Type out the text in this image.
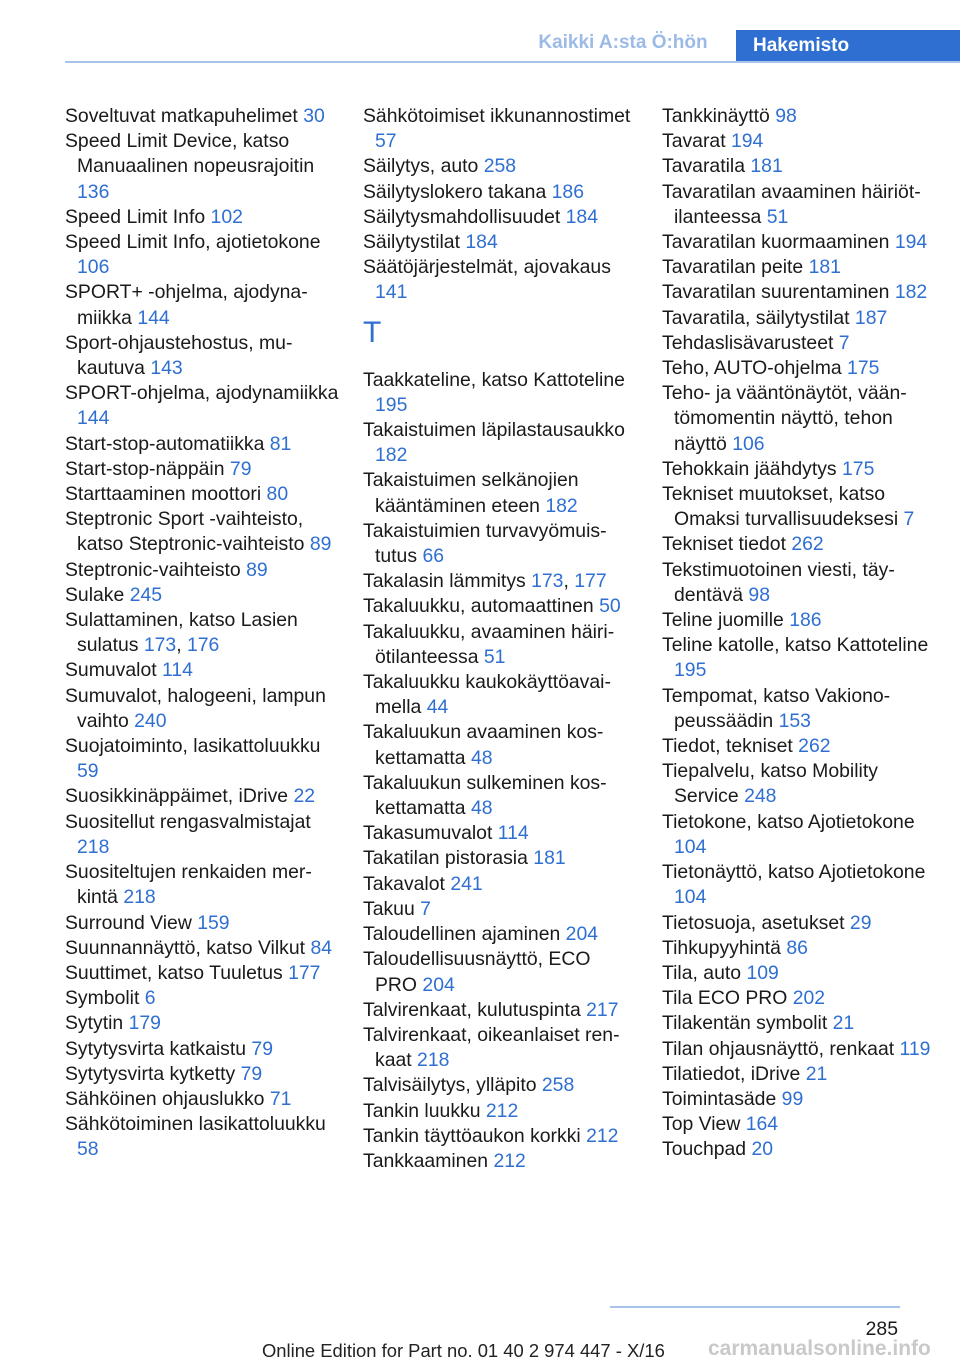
Kaikki A:sta Ö:hön	Hakemisto

Soveltuvat matkapuhelimet 30

Speed Limit Device, katso Manuaalinen nopeusrajoitin 136

Speed Limit Info 102

Speed Limit Info, ajotietokone 106

SPORT+ -ohjelma, ajodynamiikka 144

Sport-ohjaustehostus, mukautuva 143

SPORT-ohjelma, ajodynamiikka 144

Start-stop-automatiikka 81

Start-stop-näppäin 79

Starttaaminen moottori 80

Steptronic Sport -vaihteisto, katso Steptronic-vaihteisto 89

Steptronic-vaihteisto 89

Sulake 245

Sulattaminen, katso Lasien sulatus 173, 176

Sumuvalot 114

Sumuvalot, halogeeni, lampun vaihto 240

Suojatoiminto, lasikattoluukku 59

Suosikkinäppäimet, iDrive 22

Suositellut rengasvalmistajat 218

Suositeltujen renkaiden merkintä 218

Surround View 159

Suunnannäyttö, katso Vilkut 84

Suuttimet, katso Tuuletus 177

Symbolit 6

Sytytin 179

Sytytysvirta katkaistu 79

Sytytysvirta kytketty 79

Sähköinen ohjauslukko 71

Sähkötoiminen lasikattoluukku 58

Sähkötoimiset ikkunannostimet 57

Säilytys, auto 258

Säilytyslokero takana 186

Säilytysmahdollisuudet 184

Säilytystilat 184

Säätöjärjestelmät, ajovakaus 141

T

Taakkateline, katso Kattoteline 195

Takaistuimen läpilastausaukko 182

Takaistuimen selkänojien kääntäminen eteen 182

Takaistuimien turvavyömuistutus 66

Takalasin lämmitys 173, 177

Takaluukku, automaattinen 50

Takaluukku, avaaminen häiriötilanteessa 51

Takaluukku kaukokäyttöavaimella 44

Takaluukun avaaminen koskettamatta 48

Takaluukun sulkeminen koskettamatta 48

Takasumuvalot 114

Takatilan pistorasia 181

Takavalot 241

Takuu 7

Taloudellinen ajaminen 204

Taloudellisuusnäyttö, ECO PRO 204

Talvirenkaat, kulutuspinta 217

Talvirenkaat, oikeanlaiset renkaat 218

Talvisäilytys, ylläpito 258

Tankin luukku 212

Tankin täyttöaukon korkki 212

Tankkaaminen 212

Tankkinäyttö 98

Tavarat 194

Tavaratila 181

Tavaratilan avaaminen häiriötilanteessa 51

Tavaratilan kuormaaminen 194

Tavaratilan peite 181

Tavaratilan suurentaminen 182

Tavaratila, säilytystilat 187

Tehdaslisävarusteet 7

Teho, AUTO-ohjelma 175

Teho- ja vääntönäytöt, vääntömomentin näyttö, tehon näyttö 106

Tehokkain jäähdytys 175

Tekniset muutokset, katso Omaksi turvallisuudeksesi 7

Tekniset tiedot 262

Tekstimuotoinen viesti, täydentävä 98

Teline juomille 186

Teline katolle, katso Kattoteline 195

Tempomat, katso Vakionopeussäädin 153

Tiedot, tekniset 262

Tiepalvelu, katso Mobility Service 248

Tietokone, katso Ajotietokone 104

Tietonäyttö, katso Ajotietokone 104

Tietosuoja, asetukset 29

Tihkupyyhintä 86

Tila, auto 109

Tila ECO PRO 202

Tilakentän symbolit 21

Tilan ohjausnäyttö, renkaat 119

Tilatiedot, iDrive 21

Toimintasäde 99

Top View 164

Touchpad 20

285
Online Edition for Part no. 01 40 2 974 447 - X/16 carmanualsonline.info
